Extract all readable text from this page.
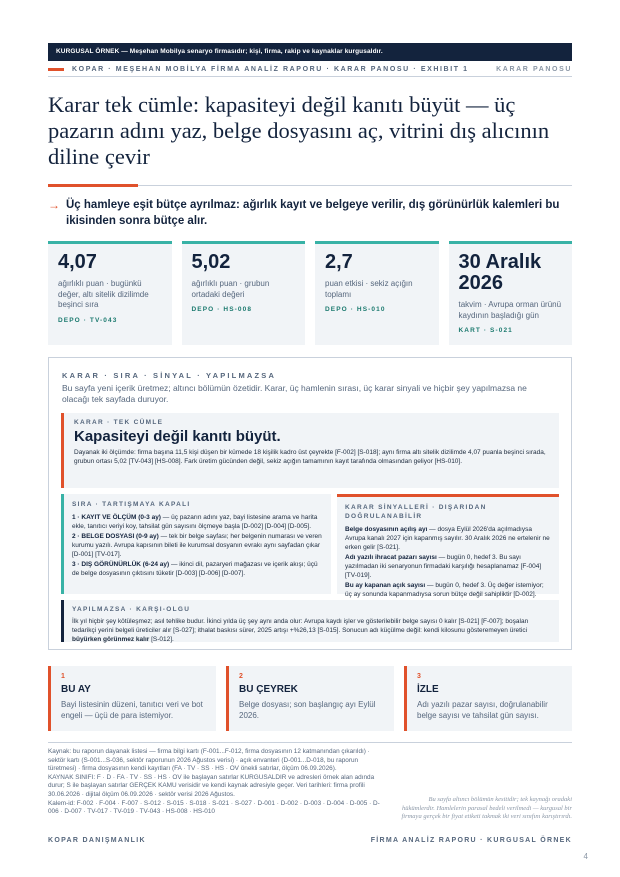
KURGUSAL ÖRNEK — Meşehan Mobilya senaryo firmasıdır; kişi, firma, rakip ve kaynaklar kurgusaldır.
KOPAR · MEŞEHAN MOBİLYA FİRMA ANALİZ RAPORU · KARAR PANOSU · EXHIBIT 1	KARAR PANOSU
Karar tek cümle: kapasiteyi değil kanıtı büyüt — üç pazarın adını yaz, belge dosyasını aç, vitrini dış alıcının diline çevir
→ Üç hamleye eşit bütçe ayrılmaz: ağırlık kayıt ve belgeye verilir, dış görünürlük kalemleri bu ikisinden sonra bütçe alır.
4,07
ağırlıklı puan · bugünkü değer, altı sitelik dizilimde beşinci sıra
DEPO · TV-043
5,02
ağırlıklı puan · grubun ortadaki değeri
DEPO · HS-008
2,7
puan etkisi · sekiz açığın toplamı
DEPO · HS-010
30 Aralık 2026
takvim · Avrupa orman ürünü kaydının başladığı gün
KART · S-021
KARAR · SIRA · SİNYAL · YAPILMAZSA
Bu sayfa yeni içerik üretmez; altıncı bölümün özetidir. Karar, üç hamlenin sırası, üç karar sinyali ve hiçbir şey yapılmazsa ne olacağı tek sayfada duruyor.
KARAR · TEK CÜMLE
Kapasiteyi değil kanıtı büyüt.
Dayanak iki ölçümde: firma başına 11,5 kişi düşen bir kümede 18 kişilik kadro üst çeyrekte [F-002] [S-018]; aynı firma altı sitelik dizilimde 4,07 puanla beşinci sırada, grubun ortası 5,02 [TV-043] [HS-008]. Fark üretim gücünden değil, sekiz açığın tamamının kayıt tarafında olmasından geliyor [HS-010].
SIRA · TARTIŞMAYA KAPALI

1 · KAYIT VE ÖLÇÜM (0-3 ay) — üç pazarın adını yaz, bayi listesine arama ve harita ekle, tanıtıcı veriyi koy, tahsilat gün sayısını ölçmeye başla [D-002] [D-004] [D-005].

2 · BELGE DOSYASI (0-9 ay) — tek bir belge sayfası; her belgenin numarası ve veren kurumu yazılı. Avrupa kapısının bileti ile kurumsal dosyanın evrakı aynı sayfadan çıkar [D-001] [TV-017].

3 · DIŞ GÖRÜNÜRLÜK (6-24 ay) — ikinci dil, pazaryeri mağazası ve içerik akışı; üçü de belge dosyasının çıktısını tüketir [D-003] [D-006] [D-007].

KARAR SİNYALLERİ · DIŞARIDAN DOĞRULANABİLİR

Belge dosyasının açılış ayı — dosya Eylül 2026'da açılmadıysa Avrupa kanalı 2027 için kapanmış sayılır. 30 Aralık 2026 ne ertelenir ne erken gelir [S-021].

Adı yazılı ihracat pazarı sayısı — bugün 0, hedef 3. Bu sayı yazılmadan iki senaryonun firmadaki karşılığı hesaplanamaz [F-004] [TV-019].

Bu ay kapanan açık sayısı — bugün 0, hedef 3. Üç değer istemiyor; üç ay sonunda kapanmadıysa sorun bütçe değil sahipliktir [D-002].

YAPILMAZSA · KARŞI-OLGU
İlk yıl hiçbir şey kötüleşmez; asıl tehlike budur. İkinci yılda üç şey aynı anda olur: Avrupa kaydı işler ve gösterilebilir belge sayısı 0 kalır [S-021] [F-007]; boşalan tedarikçi yerini belgeli üreticiler alır [S-027]; ithalat baskısı sürer, 2025 artışı +%26,13 [S-015]. Sonucun adı küçülme değil: kendi kilosunu gösteremeyen üretici büyürken görünmez kalır [S-012].
1
BU AY
Bayi listesinin düzeni, tanıtıcı veri ve bot engeli — üçü de para istemiyor.
2
BU ÇEYREK
Belge dosyası; son başlangıç ayı Eylül 2026.
3
İZLE
Adı yazılı pazar sayısı, doğrulanabilir belge sayısı ve tahsilat gün sayısı.

Kaynak: bu raporun dayanak listesi — firma bilgi kartı (F-001...F-012, firma dosyasının 12 katmanından çıkarıldı) · sektör kartı (S-001...S-036, sektör raporunun 2026 Ağustos verisi) · açık envanteri (D-001...D-018, bu raporun türetmesi) · firma dosyasının kendi kayıtları (FA · TV · SS · HS · OV önekli satırlar, ölçüm 06.09.2026).

KAYNAK SINIFI: F · D · FA · TV · SS · HS · OV ile başlayan satırlar KURGUSALDIR ve adresleri örnek alan adında durur; S ile başlayan satırlar GERÇEK KAMU verisidir ve kendi kaynak adresiyle geçer. Veri tarihleri: firma profili 30.06.2026 · dijital ölçüm 06.09.2026 · sektör verisi 2026 Ağustos.

Kalem-id: F-002 · F-004 · F-007 · S-012 · S-015 · S-018 · S-021 · S-027 · D-001 · D-002 · D-003 · D-004 · D-005 · D-006 · D-007 · TV-017 · TV-019 · TV-043 · HS-008 · HS-010

Bu sayfa altıncı bölümün kesitidir; tek kaynağı oradaki hükümlerdir. Hamlelerin parasal bedeli verilmedi — kurgusal bir firmaya gerçek bir fiyat etiketi takmak iki veri sınıfını karıştırırdı.
KOPAR DANIŞMANLIK	FİRMA ANALİZ RAPORU · KURGUSAL ÖRNEK
4
